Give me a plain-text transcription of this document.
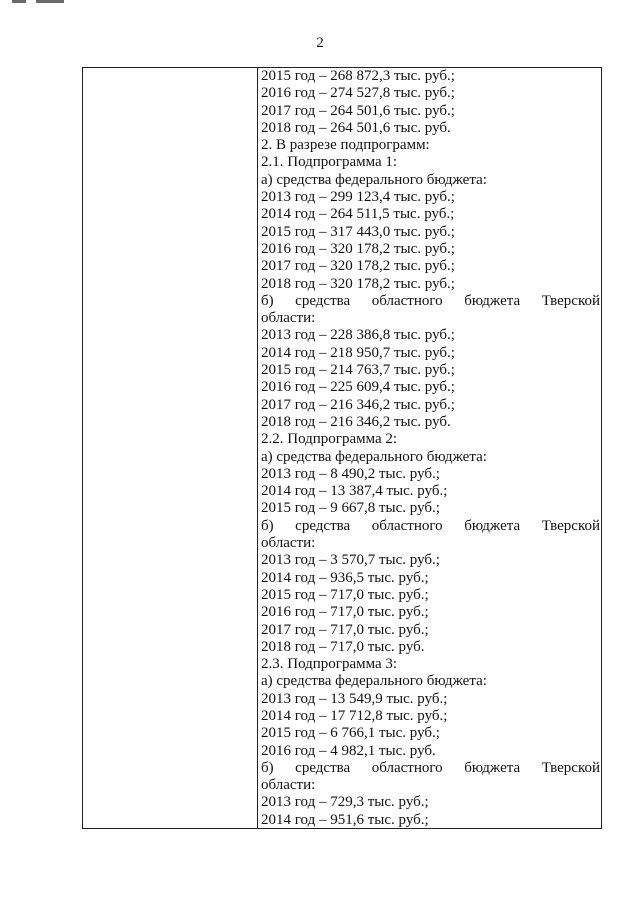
2
2015 год – 268 872,3 тыс. руб.;
2016 год – 274 527,8 тыс. руб.;
2017 год – 264 501,6 тыс. руб.;
2018 год – 264 501,6 тыс. руб.
2. В разрезе подпрограмм:
2.1. Подпрограмма 1:
а) средства федерального бюджета:
2013 год – 299 123,4 тыс. руб.;
2014 год – 264 511,5 тыс. руб.;
2015 год – 317 443,0 тыс. руб.;
2016 год – 320 178,2 тыс. руб.;
2017 год – 320 178,2 тыс. руб.;
2018 год – 320 178,2 тыс. руб.;
б) средства областного бюджета Тверской
области:
2013 год – 228 386,8 тыс. руб.;
2014 год – 218 950,7 тыс. руб.;
2015 год – 214 763,7 тыс. руб.;
2016 год – 225 609,4 тыс. руб.;
2017 год – 216 346,2 тыс. руб.;
2018 год – 216 346,2 тыс. руб.
2.2. Подпрограмма 2:
а) средства федерального бюджета:
2013 год – 8 490,2 тыс. руб.;
2014 год – 13 387,4 тыс. руб.;
2015 год – 9 667,8 тыс. руб.;
б) средства областного бюджета Тверской
области:
2013 год – 3 570,7 тыс. руб.;
2014 год – 936,5 тыс. руб.;
2015 год – 717,0 тыс. руб.;
2016 год – 717,0 тыс. руб.;
2017 год – 717,0 тыс. руб.;
2018 год – 717,0 тыс. руб.
2.3. Подпрограмма 3:
а) средства федерального бюджета:
2013 год – 13 549,9 тыс. руб.;
2014 год – 17 712,8 тыс. руб.;
2015 год – 6 766,1 тыс. руб.;
2016 год – 4 982,1 тыс. руб.
б) средства областного бюджета Тверской
области:
2013 год – 729,3 тыс. руб.;
2014 год – 951,6 тыс. руб.;
